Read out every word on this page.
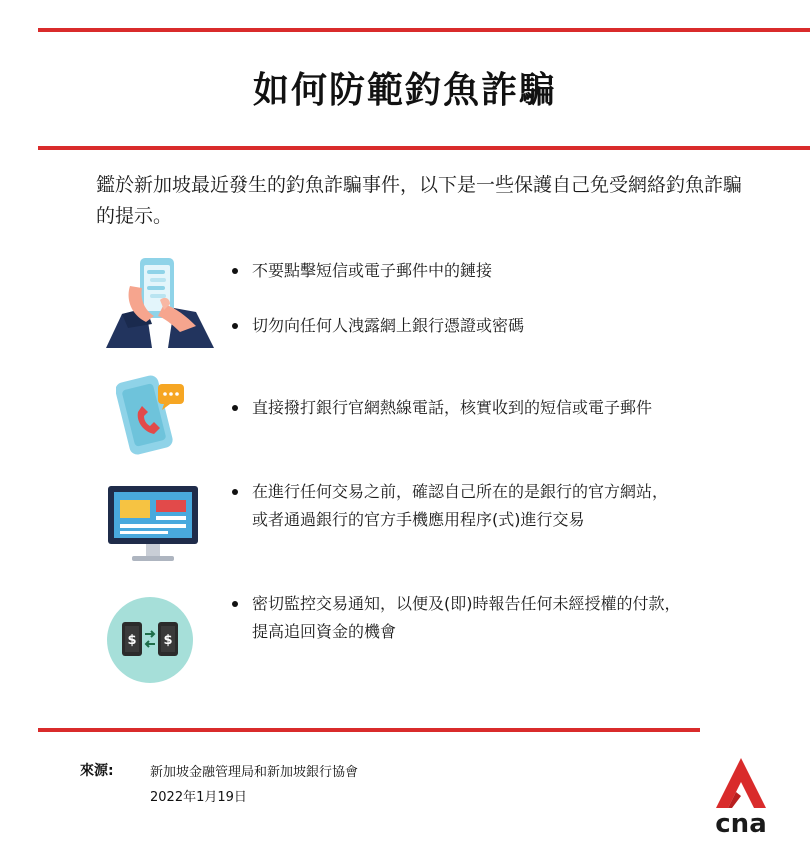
如何防範釣魚詐騙
鑑於新加坡最近發生的釣魚詐騙事件，以下是一些保護自己免受網絡釣魚詐騙的提示。
$ $
不要點擊短信或電子郵件中的鏈接
切勿向任何人洩露網上銀行憑證或密碼
直接撥打銀行官網熱線電話，核實收到的短信或電子郵件
在進行任何交易之前，確認自己所在的是銀行的官方網站，
或者通過銀行的官方手機應用程序(式)進行交易
密切監控交易通知，以便及(即)時報告任何未經授權的付款，
提高追回資金的機會
來源:	新加坡金融管理局和新加坡銀行協會
2022年1月19日
cna
